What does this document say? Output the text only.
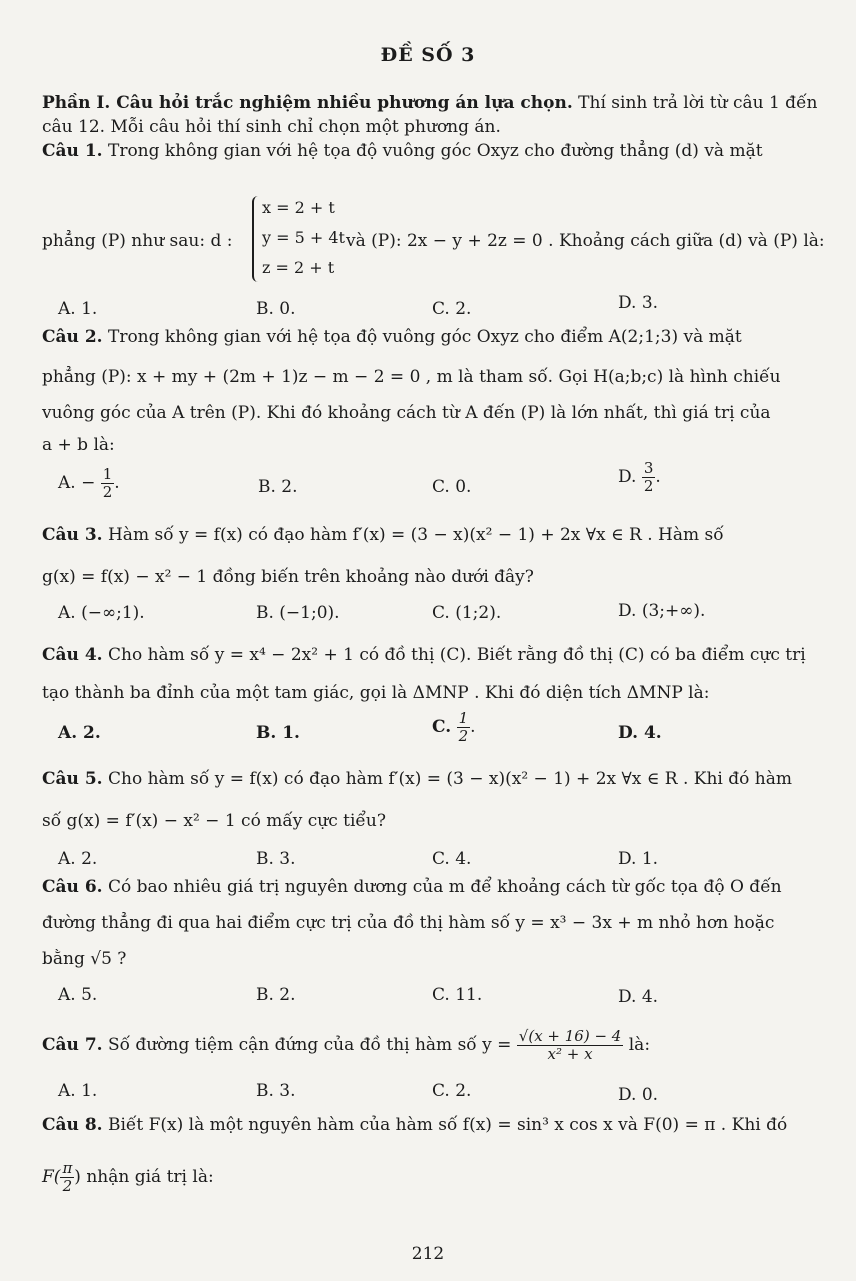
ĐỀ SỐ 3
Phần I. Câu hỏi trắc nghiệm nhiều phương án lựa chọn. Thí sinh trả lời từ câu 1 đến
câu 12. Mỗi câu hỏi thí sinh chỉ chọn một phương án.
Câu 1. Trong không gian với hệ tọa độ vuông góc Oxyz cho đường thẳng (d) và mặt
phẳng (P) như sau: d :
x = 2 + t
y = 5 + 4t
z = 2 + t
và (P): 2x − y + 2z = 0 . Khoảng cách giữa (d) và (P) là:
A. 1.	B. 0.	C. 2.	D. 3.
Câu 2. Trong không gian với hệ tọa độ vuông góc Oxyz cho điểm A(2;1;3) và mặt
phẳng (P): x + my + (2m + 1)z − m − 2 = 0 , m là tham số. Gọi H(a;b;c) là hình chiếu
vuông góc của A trên (P). Khi đó khoảng cách từ A đến (P) là lớn nhất, thì giá trị của
a + b là:
A. − $\frac{1}{2}$ .	B. 2.	C. 0.	D. $\frac{3}{2}$ .
Câu 3. Hàm số y = f(x) có đạo hàm f′(x) = (3 − x)(x² − 1) + 2x ∀x ∈ R . Hàm số
g(x) = f(x) − x² − 1 đồng biến trên khoảng nào dưới đây?
A. (−∞;1).	B. (−1;0).	C. (1;2).	D. (3;+∞).
Câu 4. Cho hàm số y = x⁴ − 2x² + 1 có đồ thị (C). Biết rằng đồ thị (C) có ba điểm cực trị
tạo thành ba đỉnh của một tam giác, gọi là ΔMNP . Khi đó diện tích ΔMNP là:
A. 2.	B. 1.	C. $\frac{1}{2}$ .	D. 4.
Câu 5. Cho hàm số y = f(x) có đạo hàm f′(x) = (3 − x)(x² − 1) + 2x ∀x ∈ R . Khi đó hàm
số g(x) = f′(x) − x² − 1 có mấy cực tiểu?
A. 2.	B. 3.	C. 4.	D. 1.
Câu 6. Có bao nhiêu giá trị nguyên dương của m để khoảng cách từ gốc tọa độ O đến
đường thẳng đi qua hai điểm cực trị của đồ thị hàm số y = x³ − 3x + m nhỏ hơn hoặc
bằng √5 ?
A. 5.	B. 2.	C. 11.	D. 4.
Câu 7. Số đường tiệm cận đứng của đồ thị hàm số $y = \frac{√(x + 16) - 4}{\text{x² + x}}$ là:
A. 1.	B. 3.	C. 2.	D. 0.
Câu 8. Biết F(x) là một nguyên hàm của hàm số f(x) = sin³ x cos x và F(0) = π . Khi đó
$F( \frac{\pi}{2}$ ) nhận giá trị là:
212
